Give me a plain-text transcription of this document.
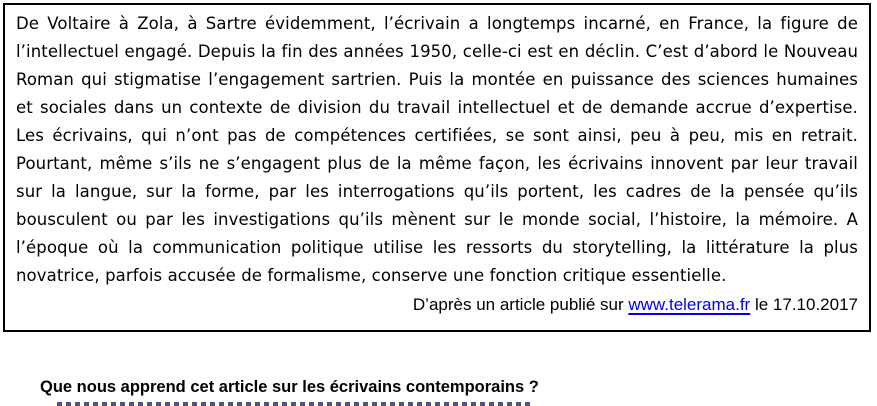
De Voltaire à Zola, à Sartre évidemment, l’écrivain a longtemps incarné, en France, la figure de l’intellectuel engagé. Depuis la fin des années 1950, celle-ci est en déclin. C’est d’abord le Nouveau Roman qui stigmatise l’engagement sartrien. Puis la montée en puissance des sciences humaines et sociales dans un contexte de division du travail intellectuel et de demande accrue d’expertise. Les écrivains, qui n’ont pas de compétences certifiées, se sont ainsi, peu à peu, mis en retrait. Pourtant, même s’ils ne s’engagent plus de la même façon, les écrivains innovent par leur travail sur la langue, sur la forme, par les interrogations qu’ils portent, les cadres de la pensée qu’ils bousculent ou par les investigations qu’ils mènent sur le monde social, l’histoire, la mémoire. A l’époque où la communication politique utilise les ressorts du storytelling, la littérature la plus novatrice, parfois accusée de formalisme, conserve une fonction critique essentielle.
D’après un article publié sur www.telerama.fr le 17.10.2017
Que nous apprend cet article sur les écrivains contemporains ?
